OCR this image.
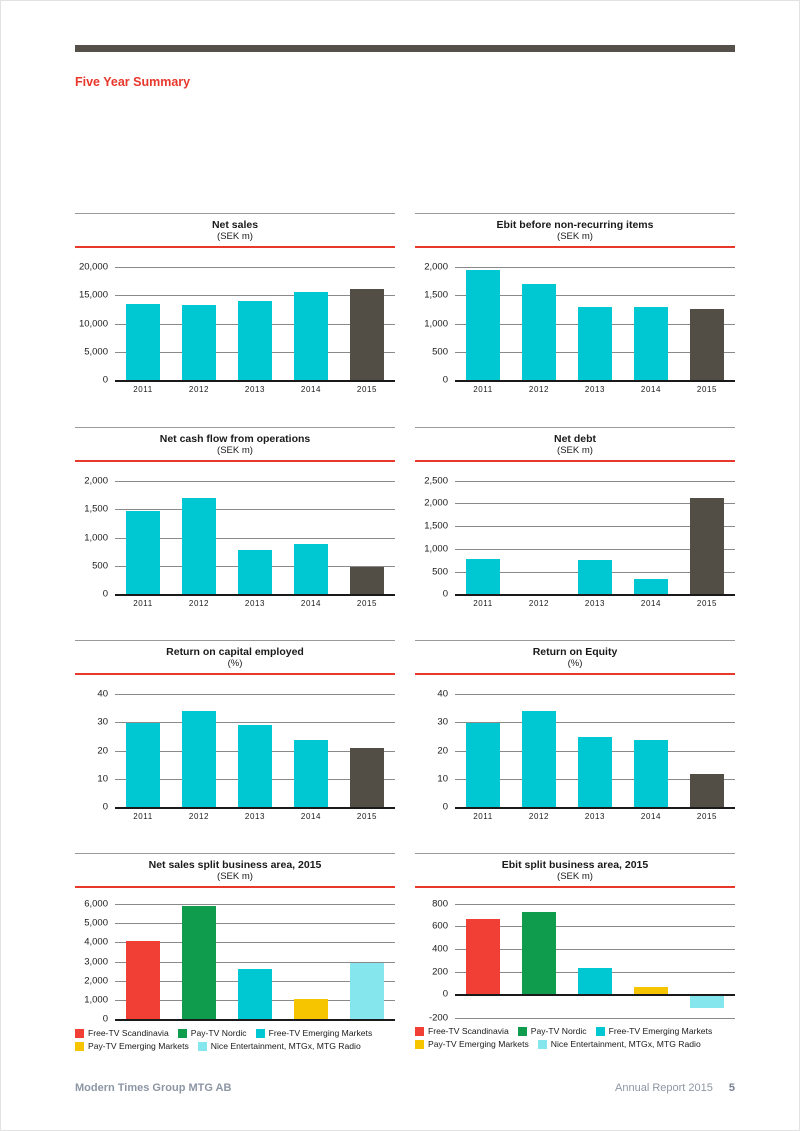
Five Year Summary
Net sales
(SEK m)
0
5,000
10,000
15,000
20,000
2011	2012	2013	2014	2015
Ebit before non-recurring items
(SEK m)
0
500
1,000
1,500
2,000
2011	2012	2013	2014	2015
Net cash flow from operations
(SEK m)
0
500
1,000
1,500
2,000
2011	2012	2013	2014	2015
Net debt
(SEK m)
0
500
1,000
1,500
2,000
2,500
2011	2012	2013	2014	2015
Return on capital employed
(%)
0
10
20
30
40
2011	2012	2013	2014	2015
Return on Equity
(%)
0
10
20
30
40
2011	2012	2013	2014	2015
Net sales split business area, 2015
(SEK m)
0
1,000
2,000
3,000
4,000
5,000
6,000
Free-TV Scandinavia	Pay-TV Nordic	Free-TV Emerging Markets
Pay-TV Emerging Markets	Nice Entertainment, MTGx, MTG Radio
Ebit split business area, 2015
(SEK m)
-200
0
200
400
600
800
Free-TV Scandinavia	Pay-TV Nordic	Free-TV Emerging Markets
Pay-TV Emerging Markets	Nice Entertainment, MTGx, MTG Radio
Modern Times Group MTG AB	Annual Report 2015 5
